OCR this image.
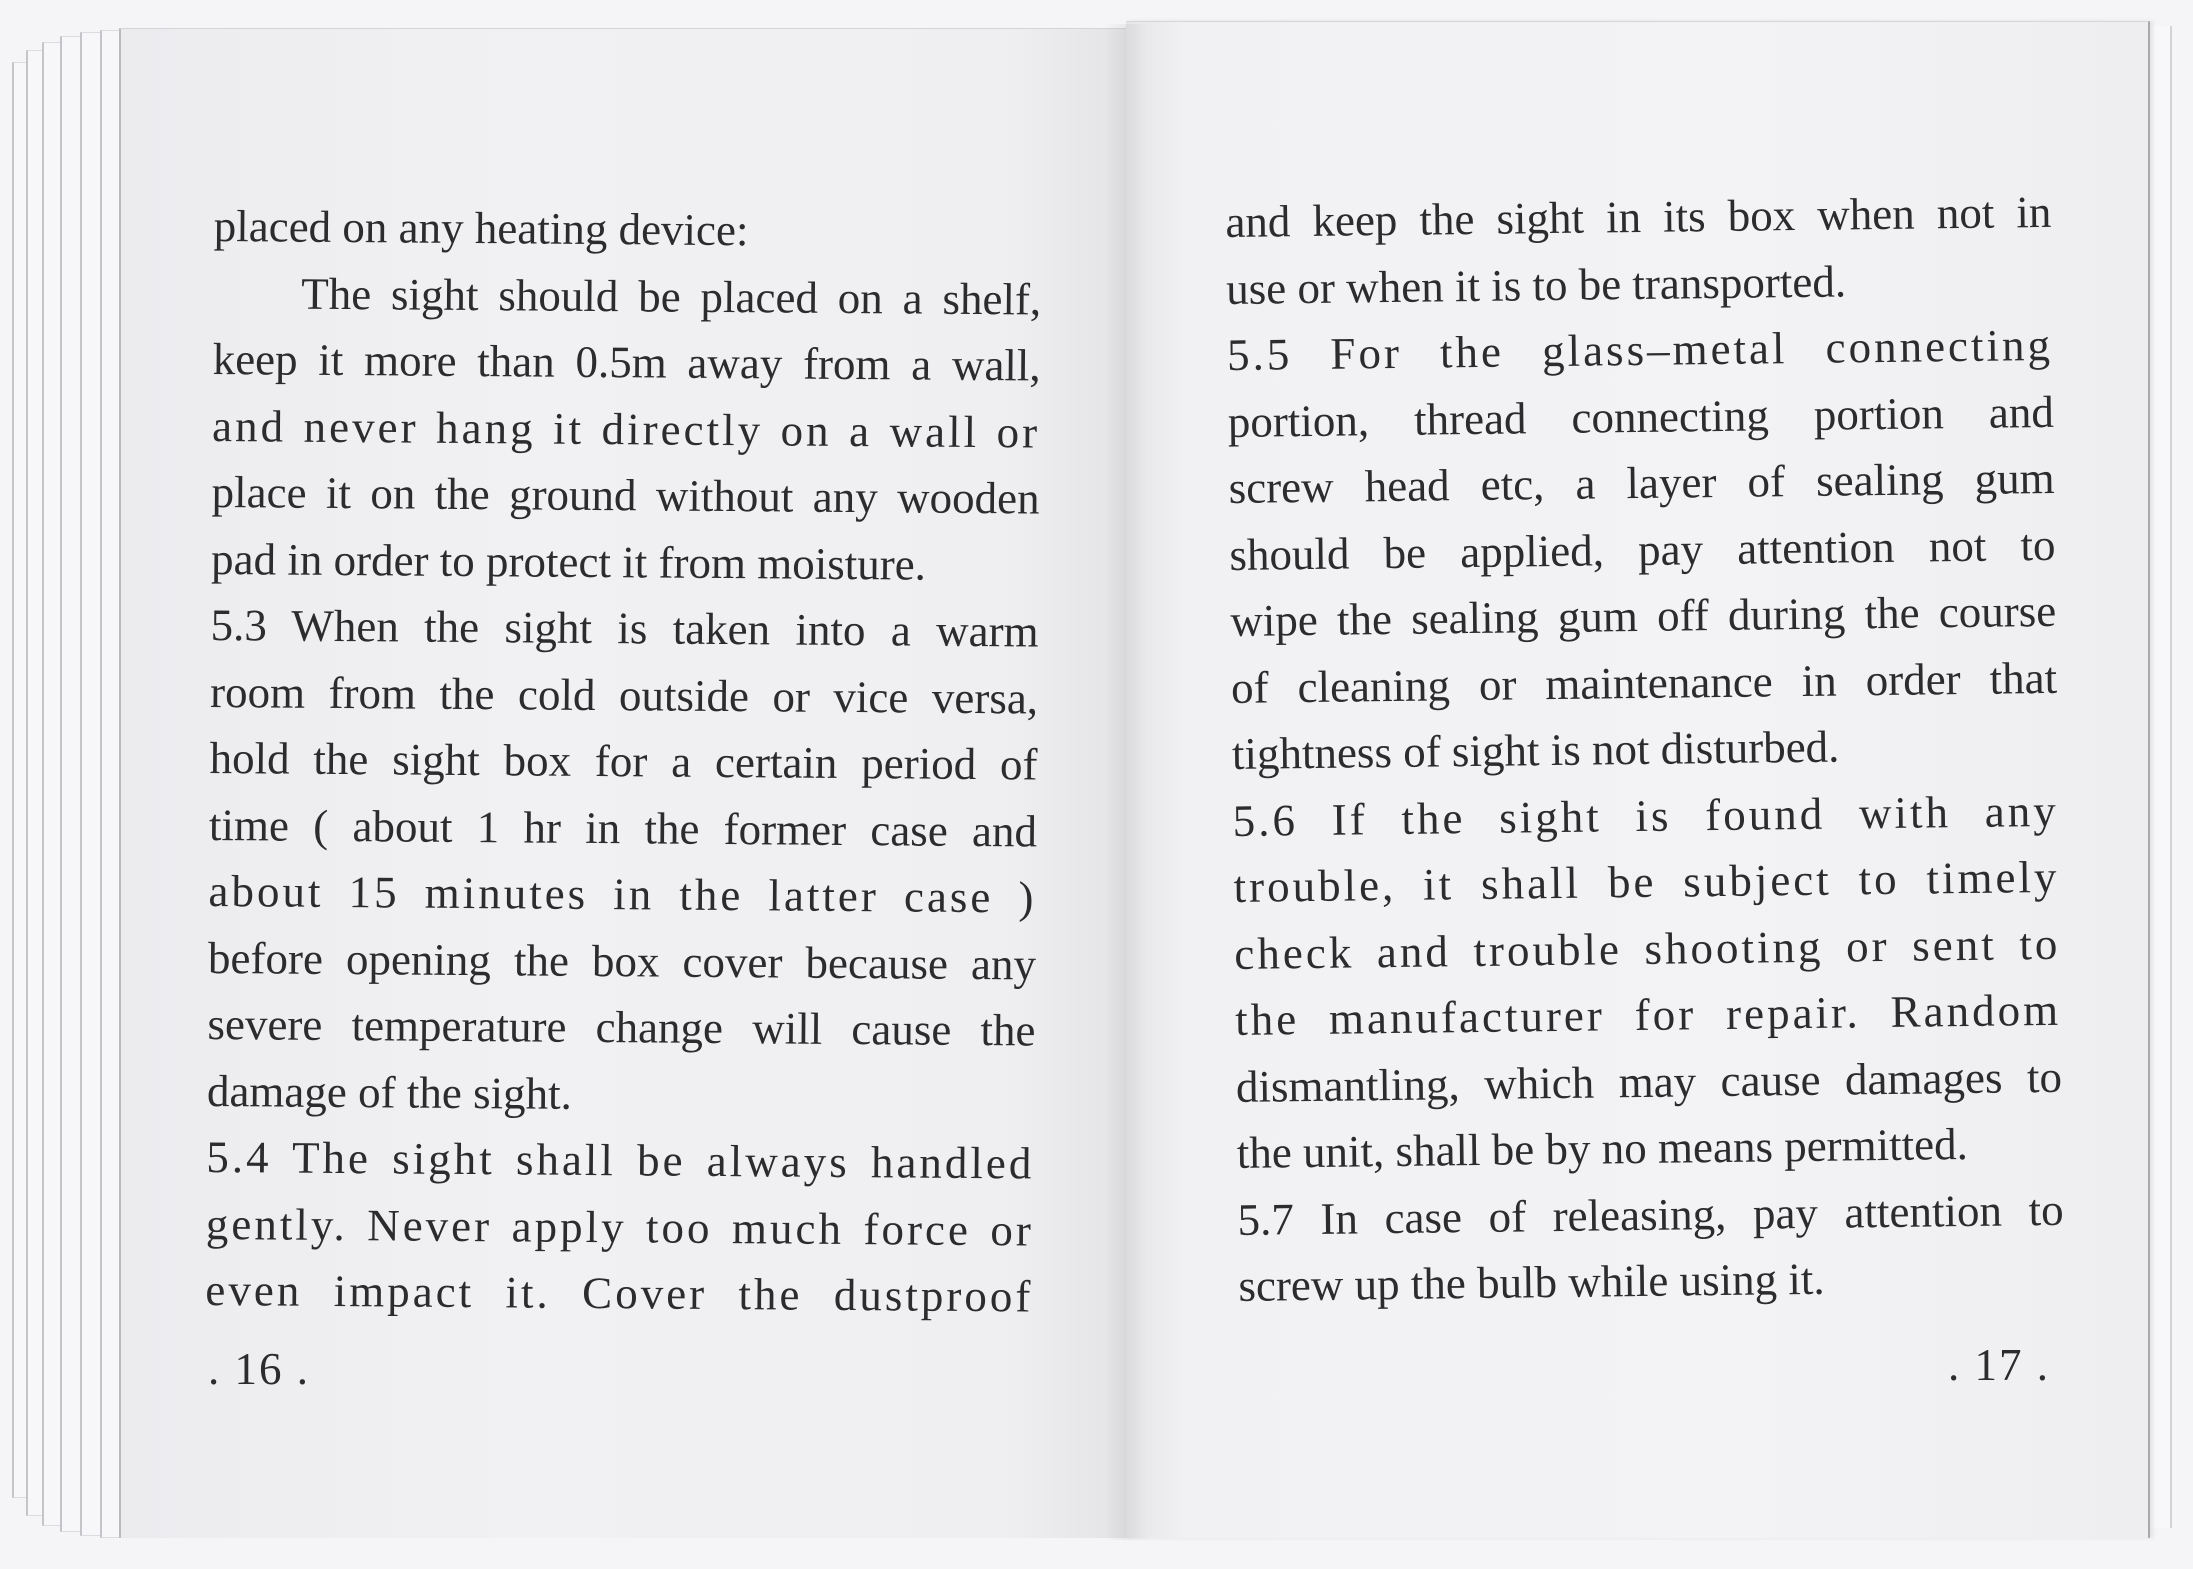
placed on any heating device:
The sight should be placed on a shelf,
keep it more than 0.5m away from a wall,
and never hang it directly on a wall or
place it on the ground without any wooden
pad in order to protect it from moisture.
5.3 When the sight is taken into a warm
room from the cold outside or vice versa,
hold the sight box for a certain period of
time ( about 1 hr in the former case and
about 15 minutes in the latter case )
before opening the box cover because any
severe temperature change will cause the
damage of the sight.
5.4 The sight shall be always handled
gently. Never apply too much force or
even impact it. Cover the dustproof
. 16 .
and keep the sight in its box when not in
use or when it is to be transported.
5.5 For the glass–metal connecting
portion, thread connecting portion and
screw head etc, a layer of sealing gum
should be applied, pay attention not to
wipe the sealing gum off during the course
of cleaning or maintenance in order that
tightness of sight is not disturbed.
5.6 If the sight is found with any
trouble, it shall be subject to timely
check and trouble shooting or sent to
the manufacturer for repair. Random
dismantling, which may cause damages to
the unit, shall be by no means permitted.
5.7 In case of releasing, pay attention to
screw up the bulb while using it.
. 17 .
